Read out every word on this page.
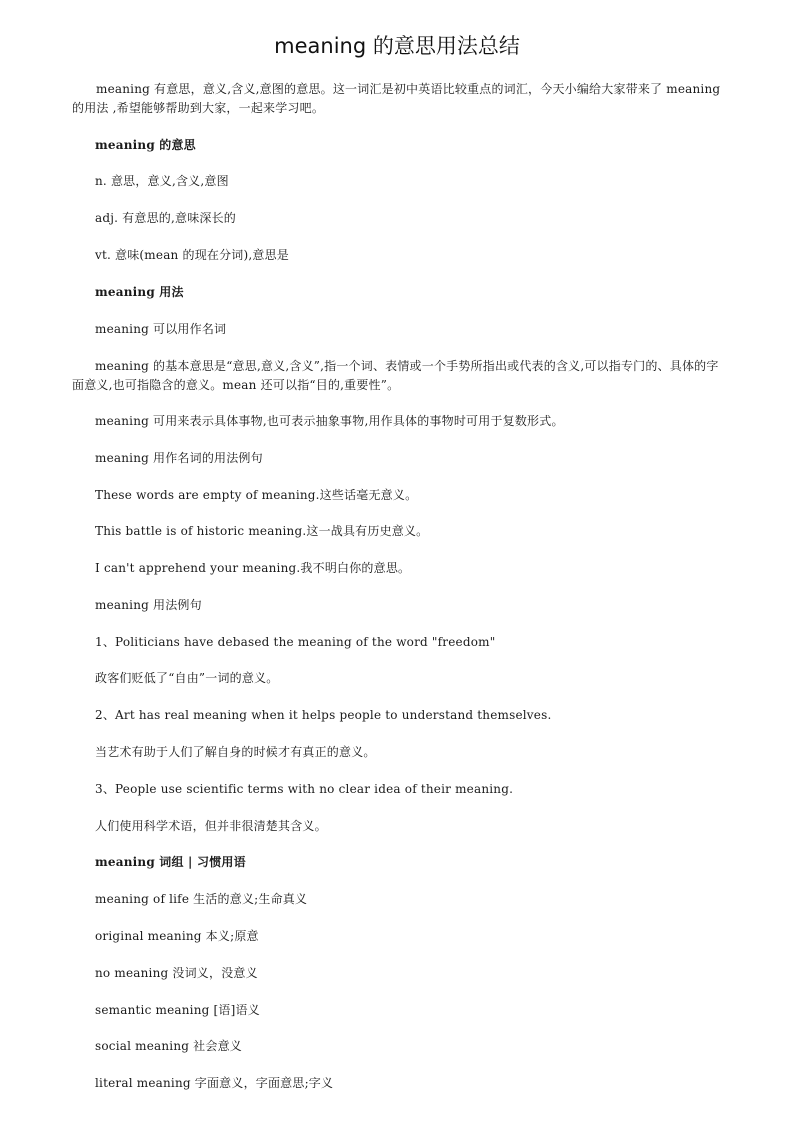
meaning 的意思用法总结

meaning 有意思，意义,含义,意图的意思。这一词汇是初中英语比较重点的词汇，今天小编给大家带来了 meaning 的用法 ,希望能够帮助到大家，一起来学习吧。

meaning 的意思

n. 意思，意义,含义,意图

adj. 有意思的,意味深长的

vt. 意味(mean 的现在分词),意思是

meaning 用法

meaning 可以用作名词

meaning 的基本意思是“意思,意义,含义”,指一个词、表情或一个手势所指出或代表的含义,可以指专门的、具体的字面意义,也可指隐含的意义。mean 还可以指“目的,重要性”。

meaning 可用来表示具体事物,也可表示抽象事物,用作具体的事物时可用于复数形式。

meaning 用作名词的用法例句

These words are empty of meaning.这些话毫无意义。

This battle is of historic meaning.这一战具有历史意义。

I can't apprehend your meaning.我不明白你的意思。

meaning 用法例句

1、Politicians have debased the meaning of the word "freedom"

政客们贬低了“自由”一词的意义。

2、Art has real meaning when it helps people to understand themselves.

当艺术有助于人们了解自身的时候才有真正的意义。

3、People use scientific terms with no clear idea of their meaning.

人们使用科学术语，但并非很清楚其含义。

meaning 词组 | 习惯用语

meaning of life 生活的意义;生命真义

original meaning 本义;原意

no meaning 没词义，没意义

semantic meaning [语]语义

social meaning 社会意义

literal meaning 字面意义，字面意思;字义
